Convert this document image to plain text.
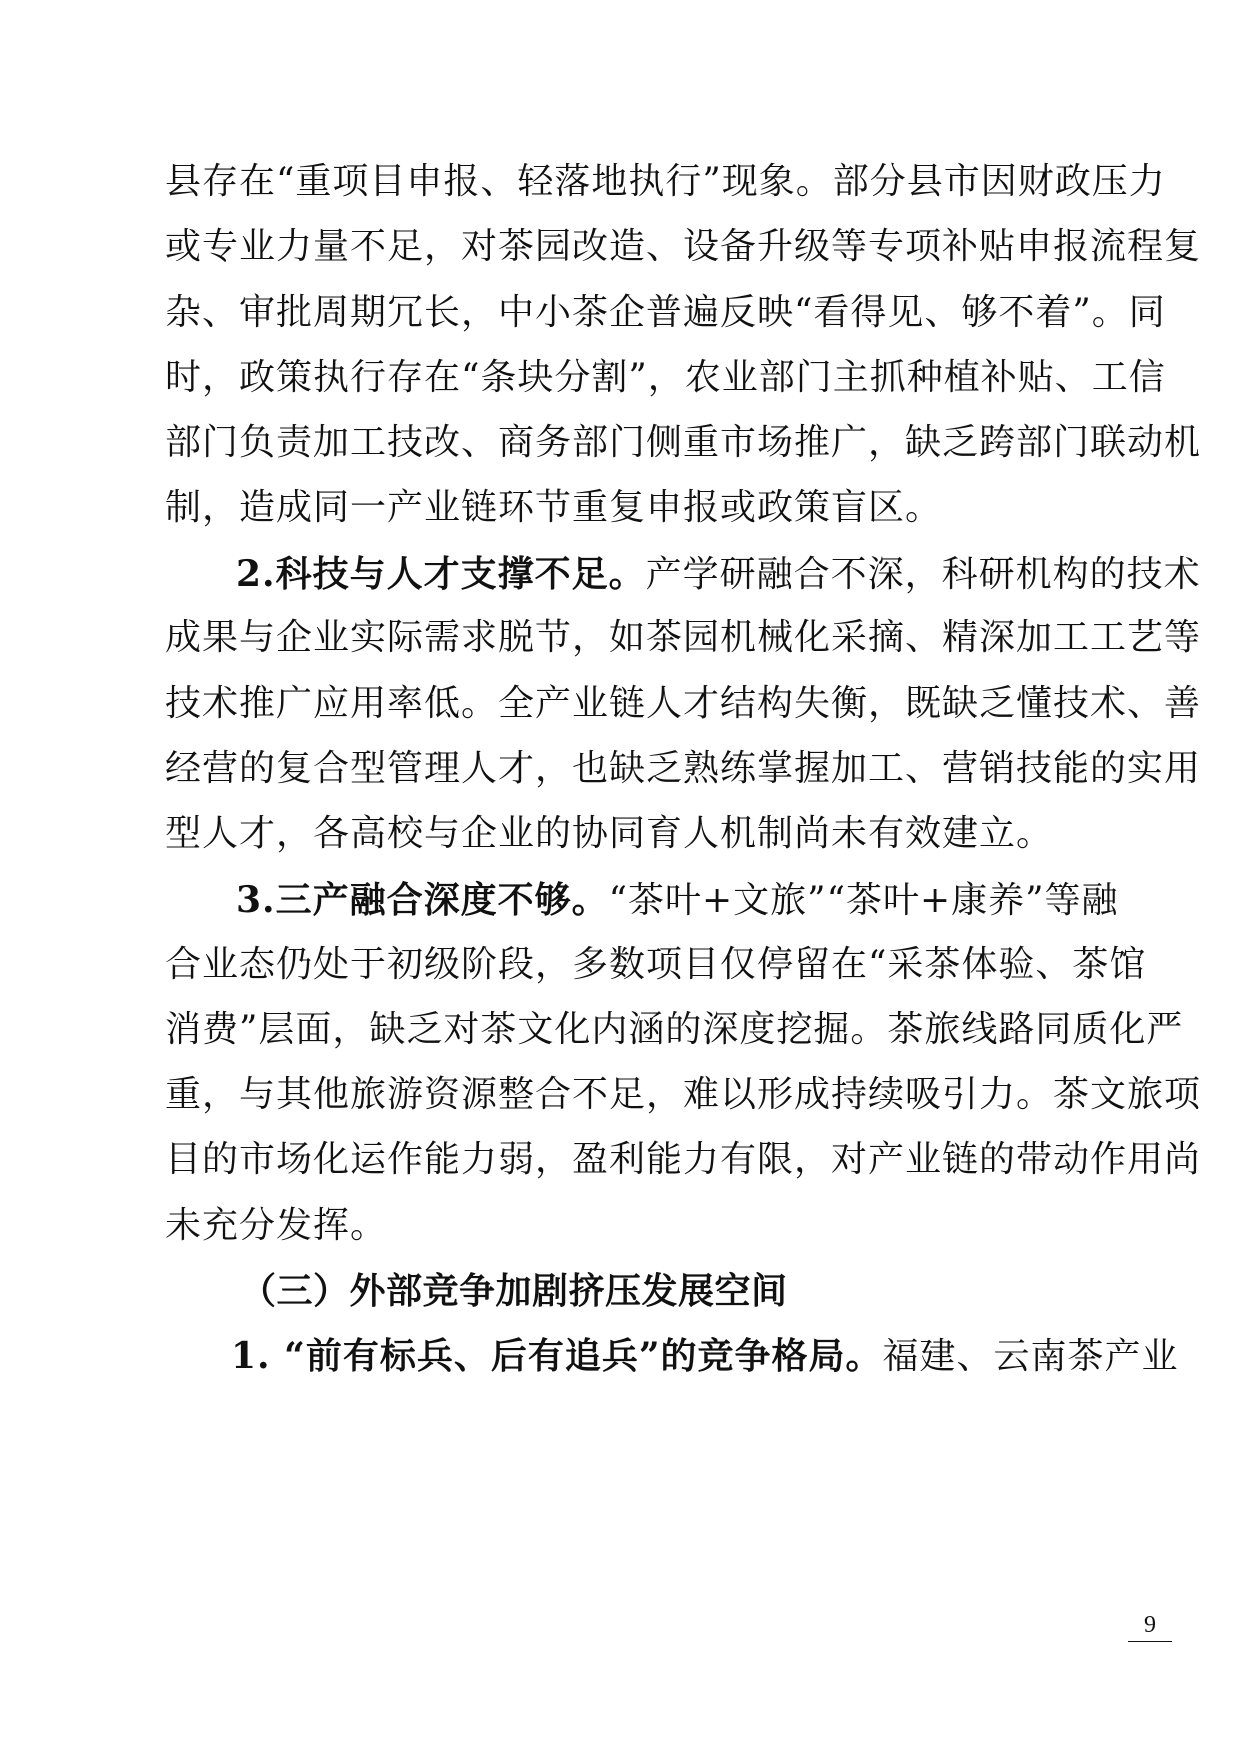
县存在“重项目申报、轻落地执行”现象。部分县市因财政压力
或专业力量不足，对茶园改造、设备升级等专项补贴申报流程复
杂、审批周期冗长，中小茶企普遍反映“看得见、够不着”。同
时，政策执行存在“条块分割”，农业部门主抓种植补贴、工信
部门负责加工技改、商务部门侧重市场推广，缺乏跨部门联动机
制，造成同一产业链环节重复申报或政策盲区。
2.科技与人才支撑不足。产学研融合不深，科研机构的技术
成果与企业实际需求脱节，如茶园机械化采摘、精深加工工艺等
技术推广应用率低。全产业链人才结构失衡，既缺乏懂技术、善
经营的复合型管理人才，也缺乏熟练掌握加工、营销技能的实用
型人才，各高校与企业的协同育人机制尚未有效建立。
3.三产融合深度不够。“茶叶+文旅”“茶叶+康养”等融
合业态仍处于初级阶段，多数项目仅停留在“采茶体验、茶馆
消费”层面，缺乏对茶文化内涵的深度挖掘。茶旅线路同质化严
重，与其他旅游资源整合不足，难以形成持续吸引力。茶文旅项
目的市场化运作能力弱，盈利能力有限，对产业链的带动作用尚
未充分发挥。
（三）外部竞争加剧挤压发展空间
1. “前有标兵、后有追兵”的竞争格局。福建、云南茶产业
9
